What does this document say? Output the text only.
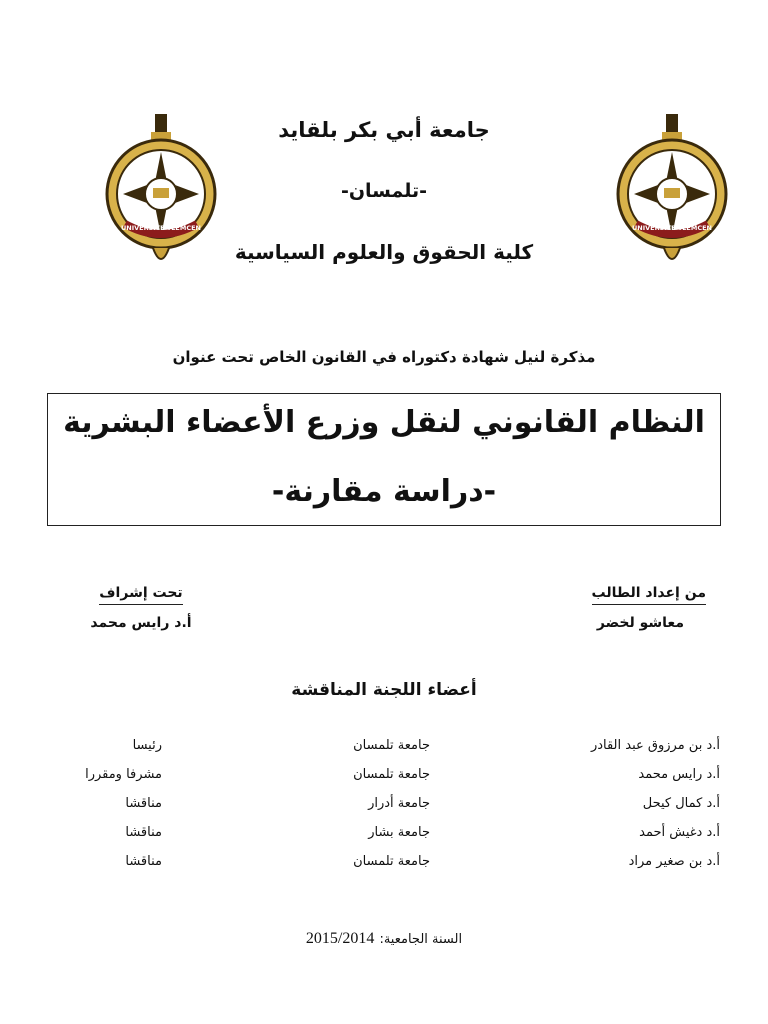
UNIVERSITE TLEMCEN	UNIVERSITE TLEMCEN
جامعة أبي بكر بلقايد
-تلمسان-
كلية الحقوق والعلوم السياسية
مذكرة لنيل شهادة دكتوراه في القانون الخاص تحت عنوان
النظام القانوني لنقل وزرع الأعضاء البشرية
-دراسة مقارنة-
من إعداد الطالب
معاشو لخضر
تحت إشراف
أ.د رايس محمد
أعضاء اللجنة المناقشة
أ.د بن مرزوق عبد القادر
جامعة تلمسان
رئيسا
أ.د رايس محمد
جامعة تلمسان
مشرفا ومقررا
أ.د كمال كيحل
جامعة أدرار
مناقشا
أ.د دغيش أحمد
جامعة بشار
مناقشا
أ.د بن صغير مراد
جامعة تلمسان
مناقشا
السنة الجامعية: 2015/2014
